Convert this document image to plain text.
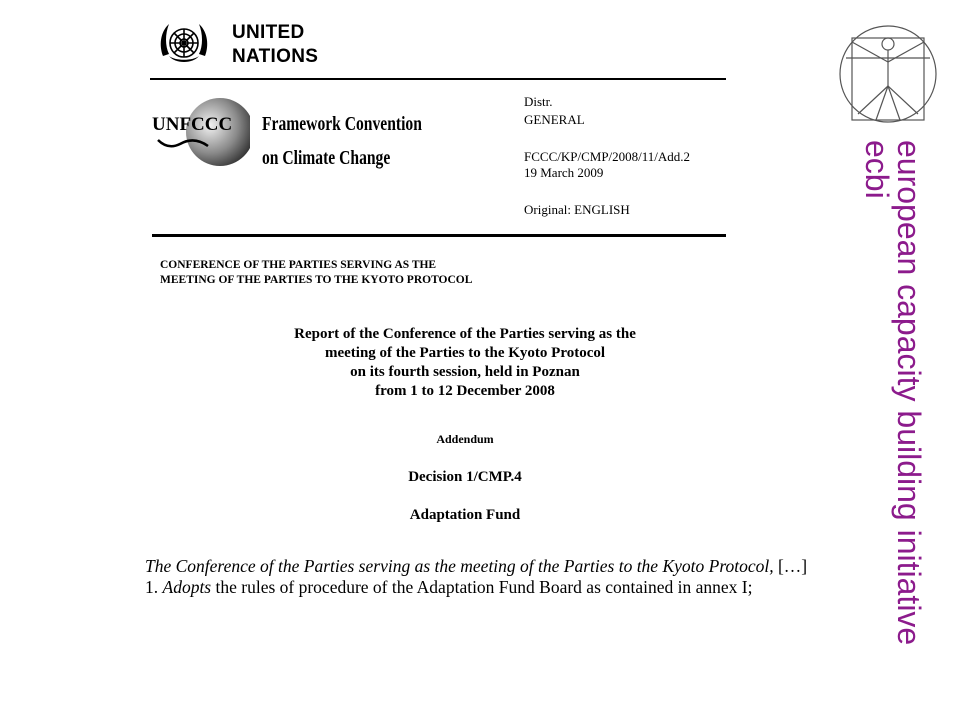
UNITED
NATIONS
UNFCCC Framework Convention
on Climate Change
Distr.
GENERAL
FCCC/KP/CMP/2008/11/Add.2
19 March 2009
Original: ENGLISH
CONFERENCE OF THE PARTIES SERVING AS THE
MEETING OF THE PARTIES TO THE KYOTO PROTOCOL
Report of the Conference of the Parties serving as the
meeting of the Parties to the Kyoto Protocol
on its fourth session, held in Poznan
from 1 to 12 December 2008
Addendum
Decision 1/CMP.4
Adaptation Fund
The Conference of the Parties serving as the meeting of the Parties to the Kyoto Protocol, […]
1. Adopts the rules of procedure of the Adaptation Fund Board as contained in annex I;	european capacity building initiative
ecbi
